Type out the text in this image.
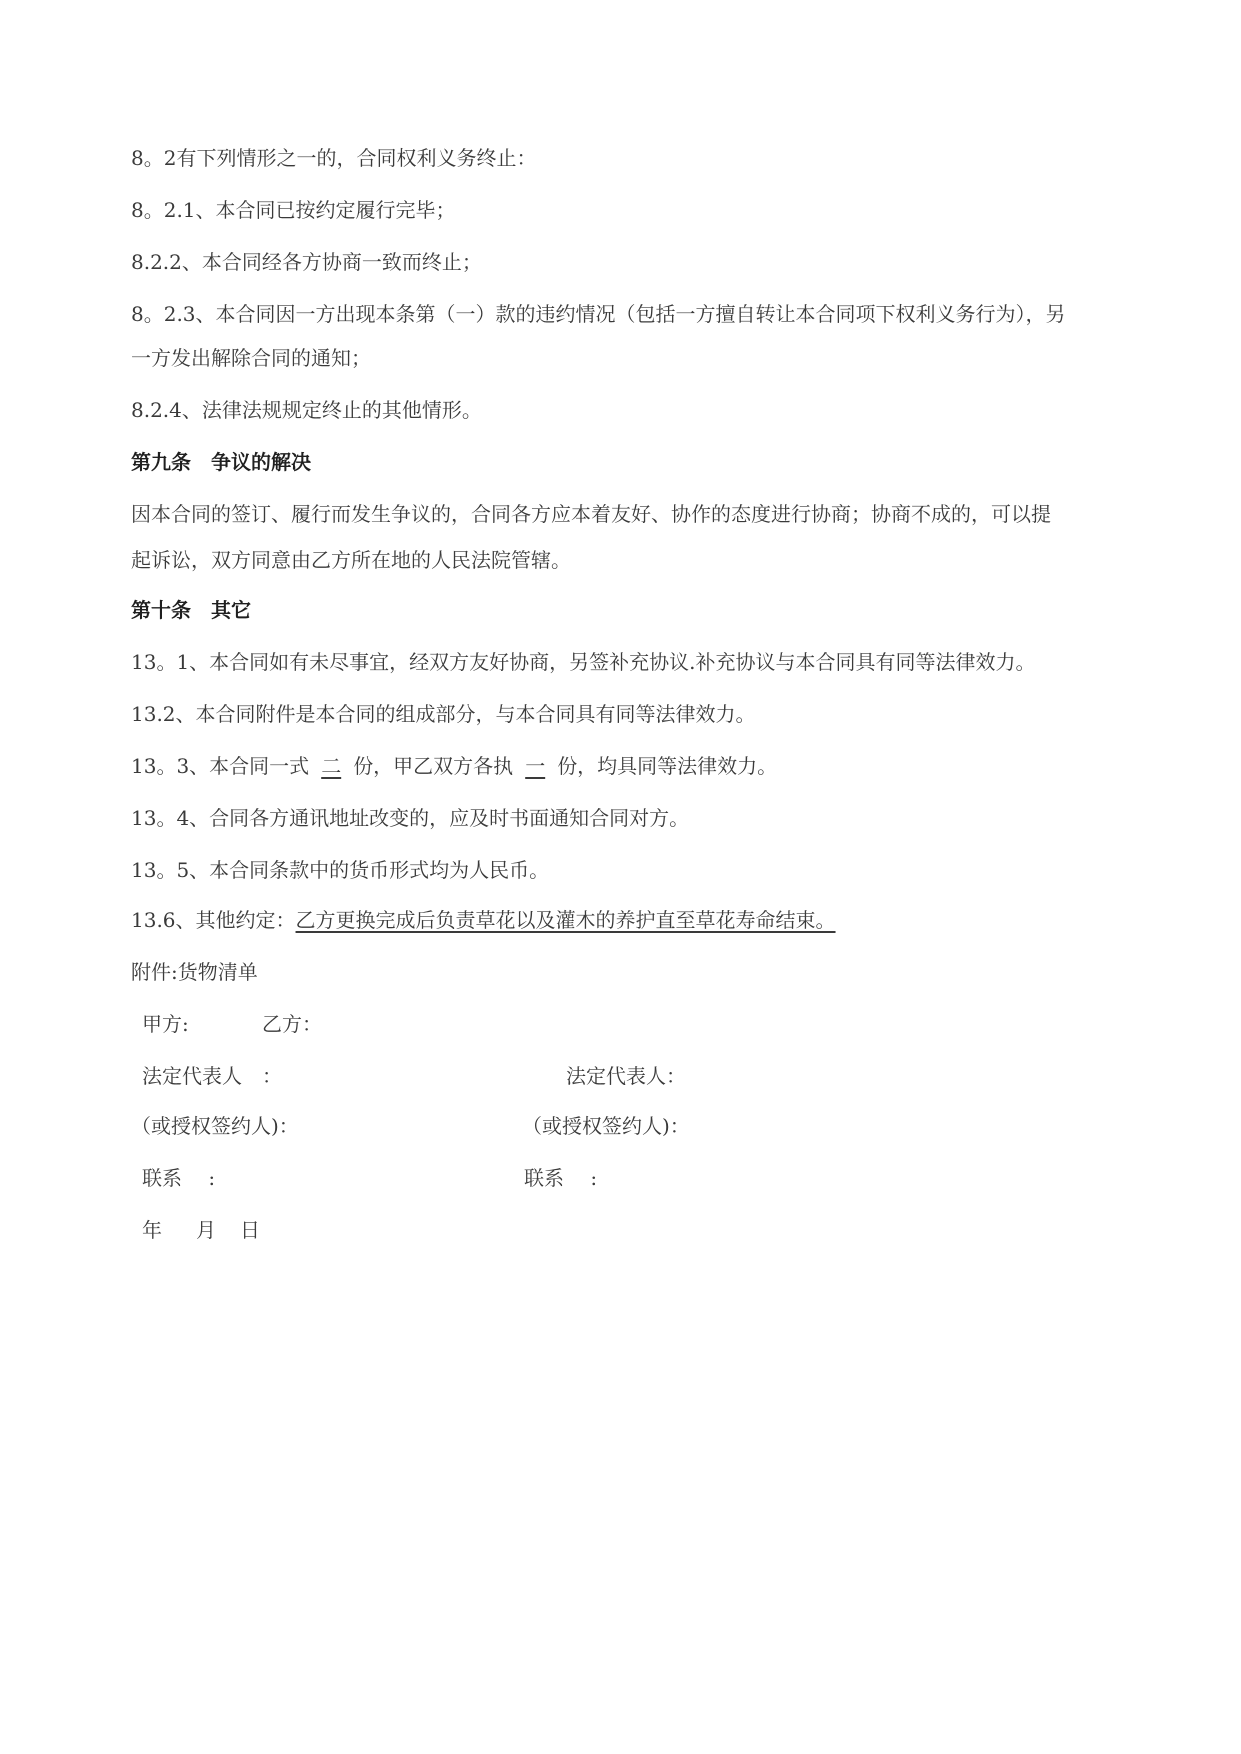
8。2有下列情形之一的，合同权利义务终止：
8。2.1、本合同已按约定履行完毕；
8.2.2、本合同经各方协商一致而终止；
8。2.3、本合同因一方出现本条第（一）款的违约情况（包括一方擅自转让本合同项下权利义务行为），另
一方发出解除合同的通知；
8.2.4、法律法规规定终止的其他情形。
第九条　争议的解决
因本合同的签订、履行而发生争议的，合同各方应本着友好、协作的态度进行协商；协商不成的，可以提
起诉讼，双方同意由乙方所在地的人民法院管辖。
第十条　其它
13。1、本合同如有未尽事宜，经双方友好协商，另签补充协议.补充协议与本合同具有同等法律效力。
13.2、本合同附件是本合同的组成部分，与本合同具有同等法律效力。
13。3、本合同一式 二 份，甲乙双方各执 一 份，均具同等法律效力。
13。4、合同各方通讯地址改变的，应及时书面通知合同对方。
13。5、本合同条款中的货币形式均为人民币。
13.6、其他约定：乙方更换完成后负责草花以及灌木的养护直至草花寿命结束。
附件:货物清单
甲方:	乙方：
法定代表人　：	法定代表人：
（或授权签约人)：	（或授权签约人)：
联系　 :	联系　 :
年 月 日
